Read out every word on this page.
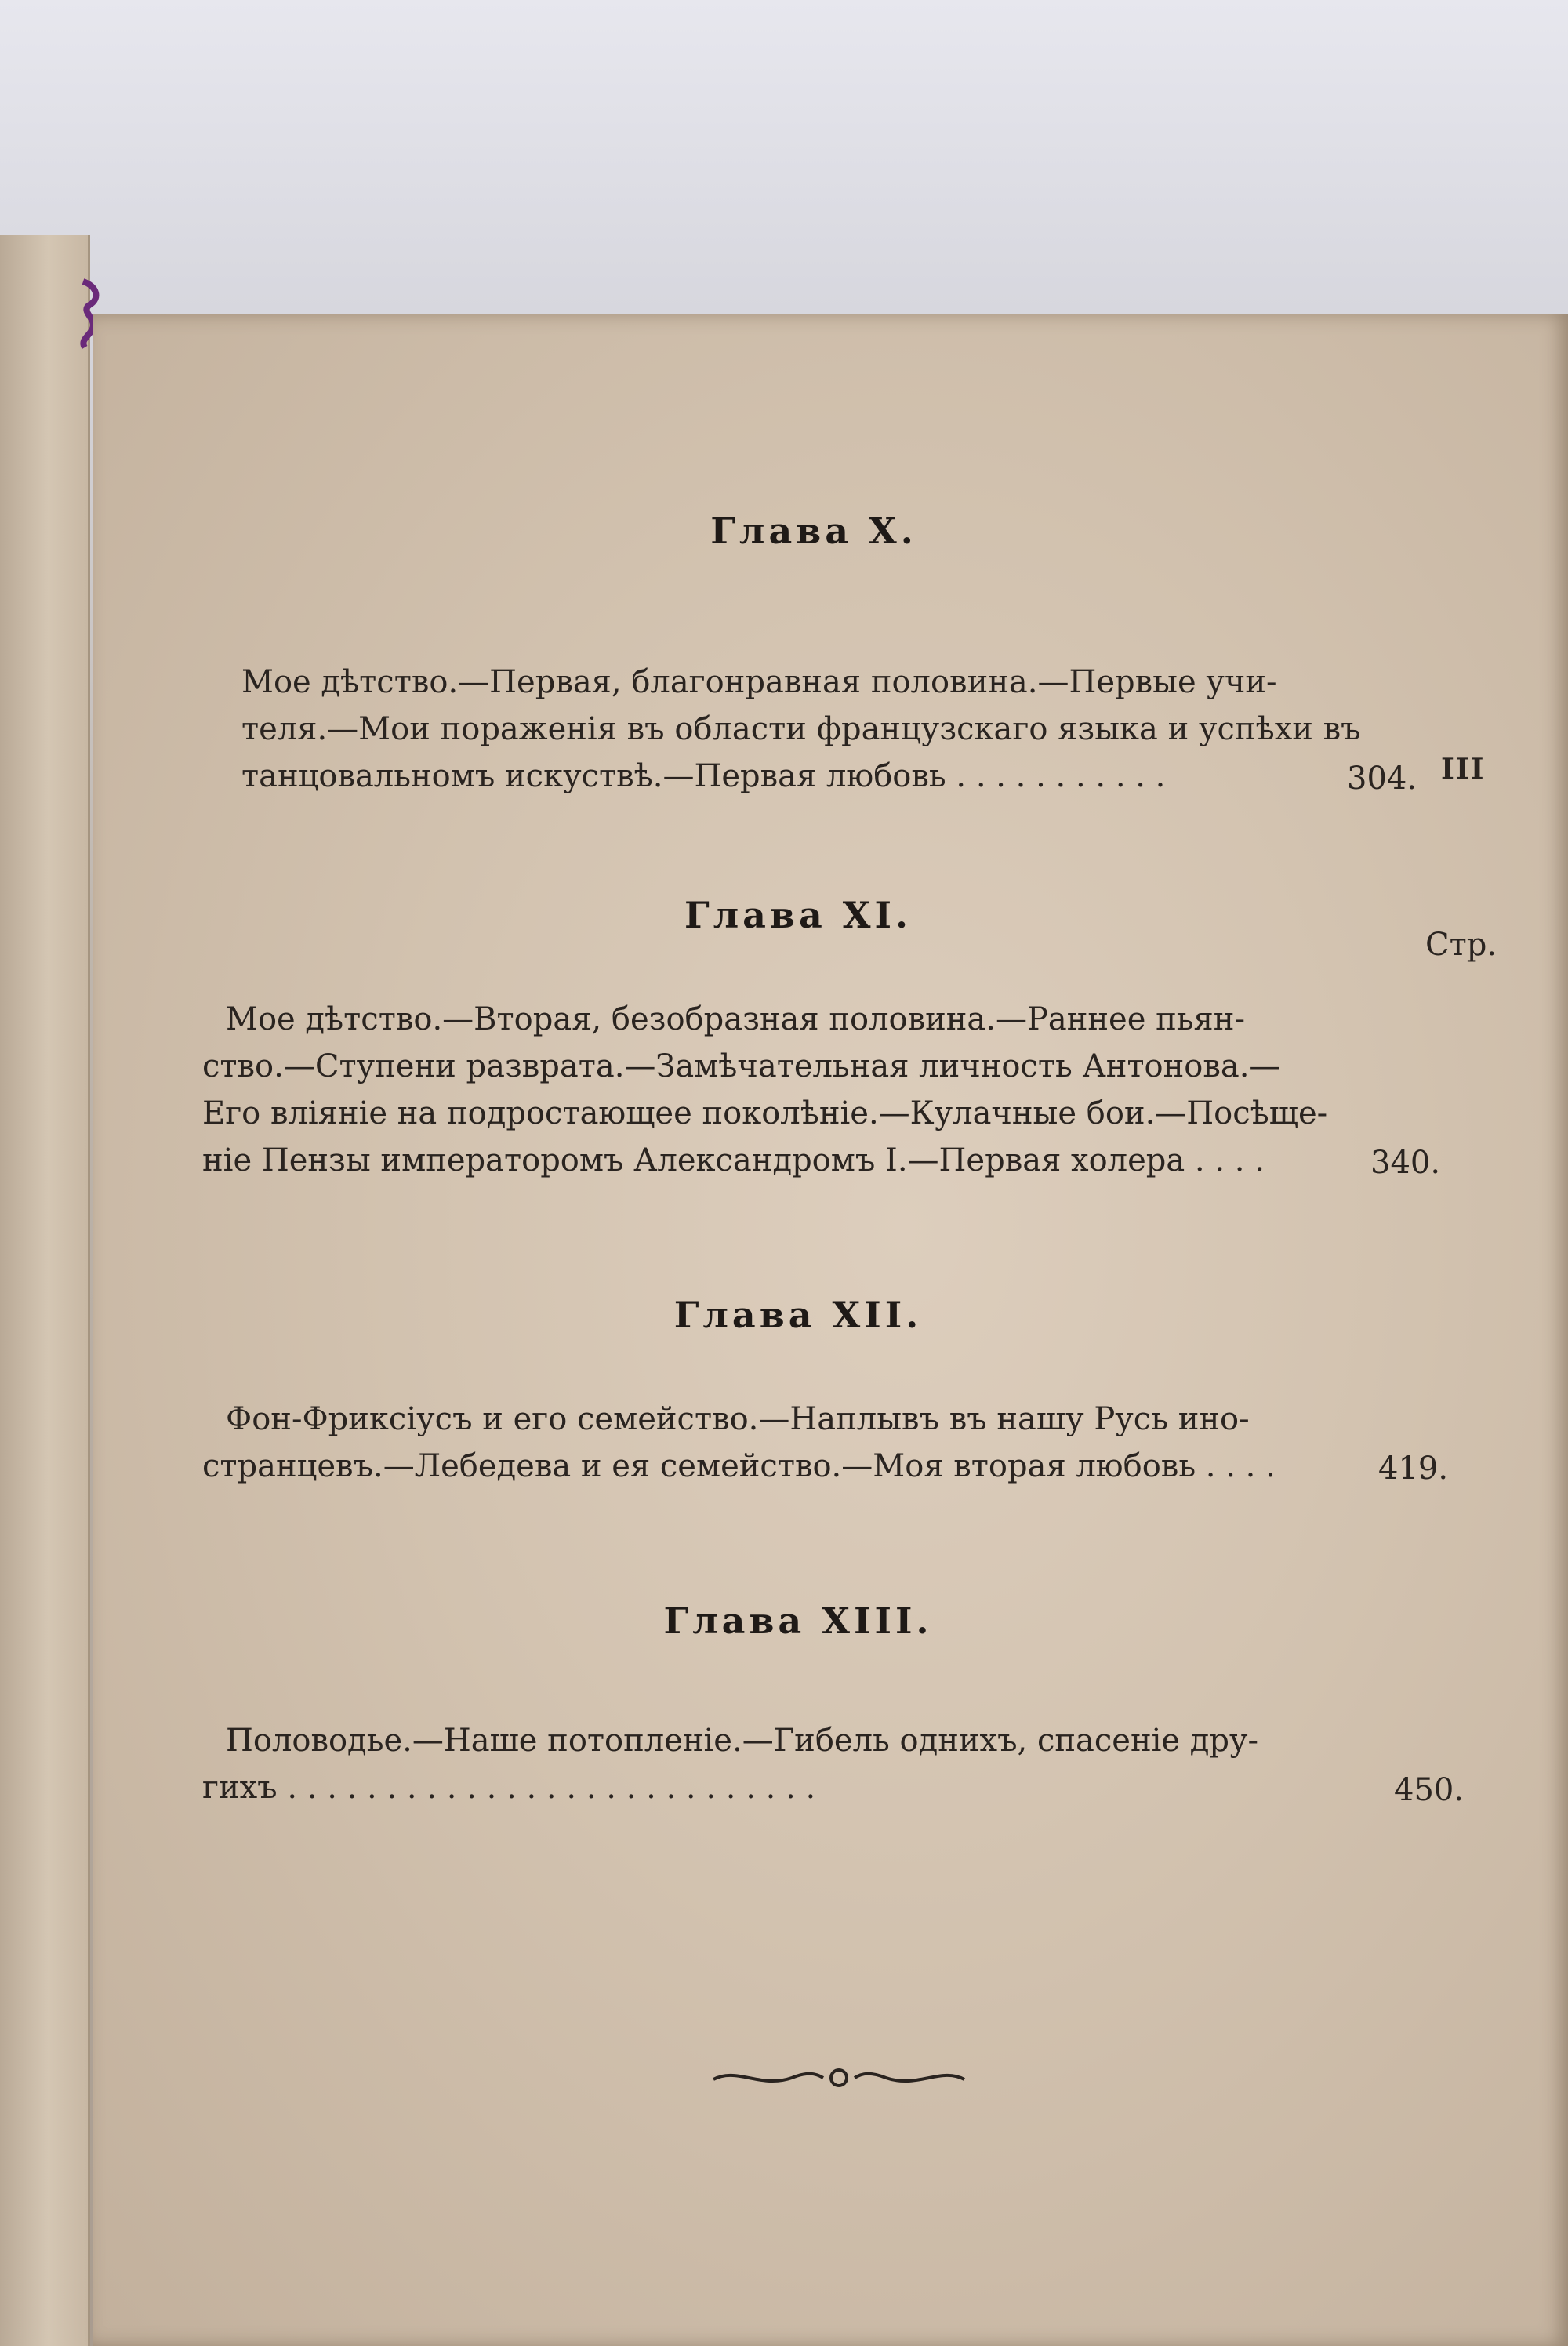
III
Стр.
Глава X.
Мое дѣтство.—Первая, благонравная половина.—Первые учи-
теля.—Мои пораженія въ области французскаго языка и успѣхи въ
танцовальномъ искуствѣ.—Первая любовь . . . . . . . . . . .	304.
Глава XI.
Мое дѣтство.—Вторая, безобразная половина.—Раннее пьян-
ство.—Ступени разврата.—Замѣчательная личность Антонова.—
Его вліяніе на подростающее поколѣніе.—Кулачные бои.—Посѣще-
ніе Пензы императоромъ Александромъ I.—Первая холера . . . .	340.
Глава XII.
Фон-Фриксіусъ и его семейство.—Наплывъ въ нашу Русь ино-
странцевъ.—Лебедева и ея семейство.—Моя вторая любовь . . . .	419.
Глава XIII.
Половодье.—Наше потопленіе.—Гибель однихъ, спасеніе дру-
гихъ . . . . . . . . . . . . . . . . . . . . . . . . . . .	450.
